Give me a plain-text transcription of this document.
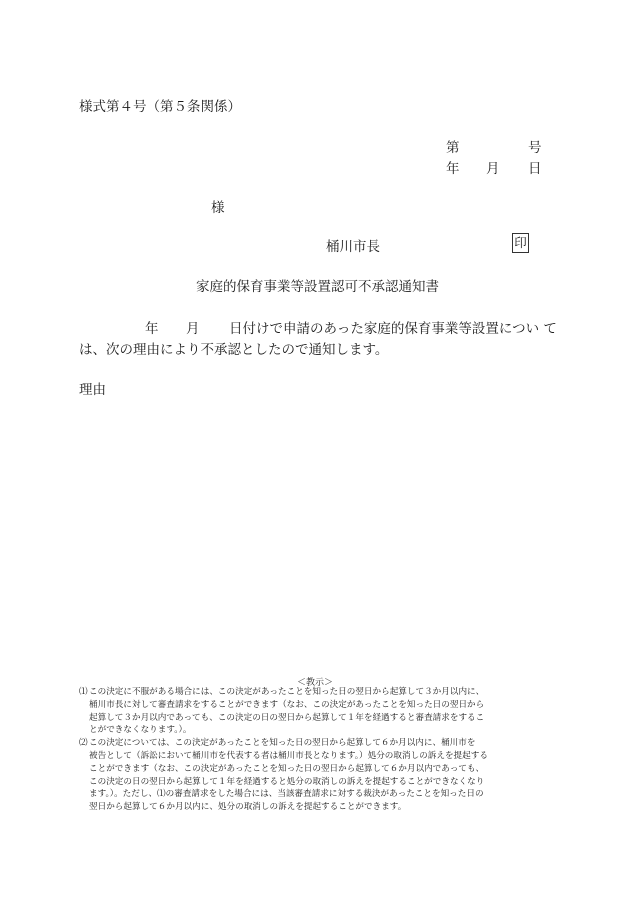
様式第４号（第５条関係）
第	号
年 月 日
様
桶川市長	印
家庭的保育事業等設置認可不承認通知書
年 月 日付けで申請のあった家庭的保育事業等設置につい て
は、次の理由により不承認としたので通知します。
理由
＜教示＞
⑴ この決定に不服がある場合には、この決定があったことを知った日の翌日から起算して３か月以内に、
桶川市長に対して審査請求をすることができます（なお、この決定があったことを知った日の翌日から
起算して３か月以内であっても、この決定の日の翌日から起算して１年を経過すると審査請求をするこ
とができなくなります。）。
⑵ この決定については、この決定があったことを知った日の翌日から起算して６か月以内に、桶川市を
被告として（訴訟において桶川市を代表する者は桶川市長となります。）処分の取消しの訴えを提起する
ことができます（なお、この決定があったことを知った日の翌日から起算して６か月以内であっても、
この決定の日の翌日から起算して１年を経過すると処分の取消しの訴えを提起することができなくなり
ます。）。ただし、⑴の審査請求をした場合には、当該審査請求に対する裁決があったことを知った日の
翌日から起算して６か月以内に、処分の取消しの訴えを提起することができます。
